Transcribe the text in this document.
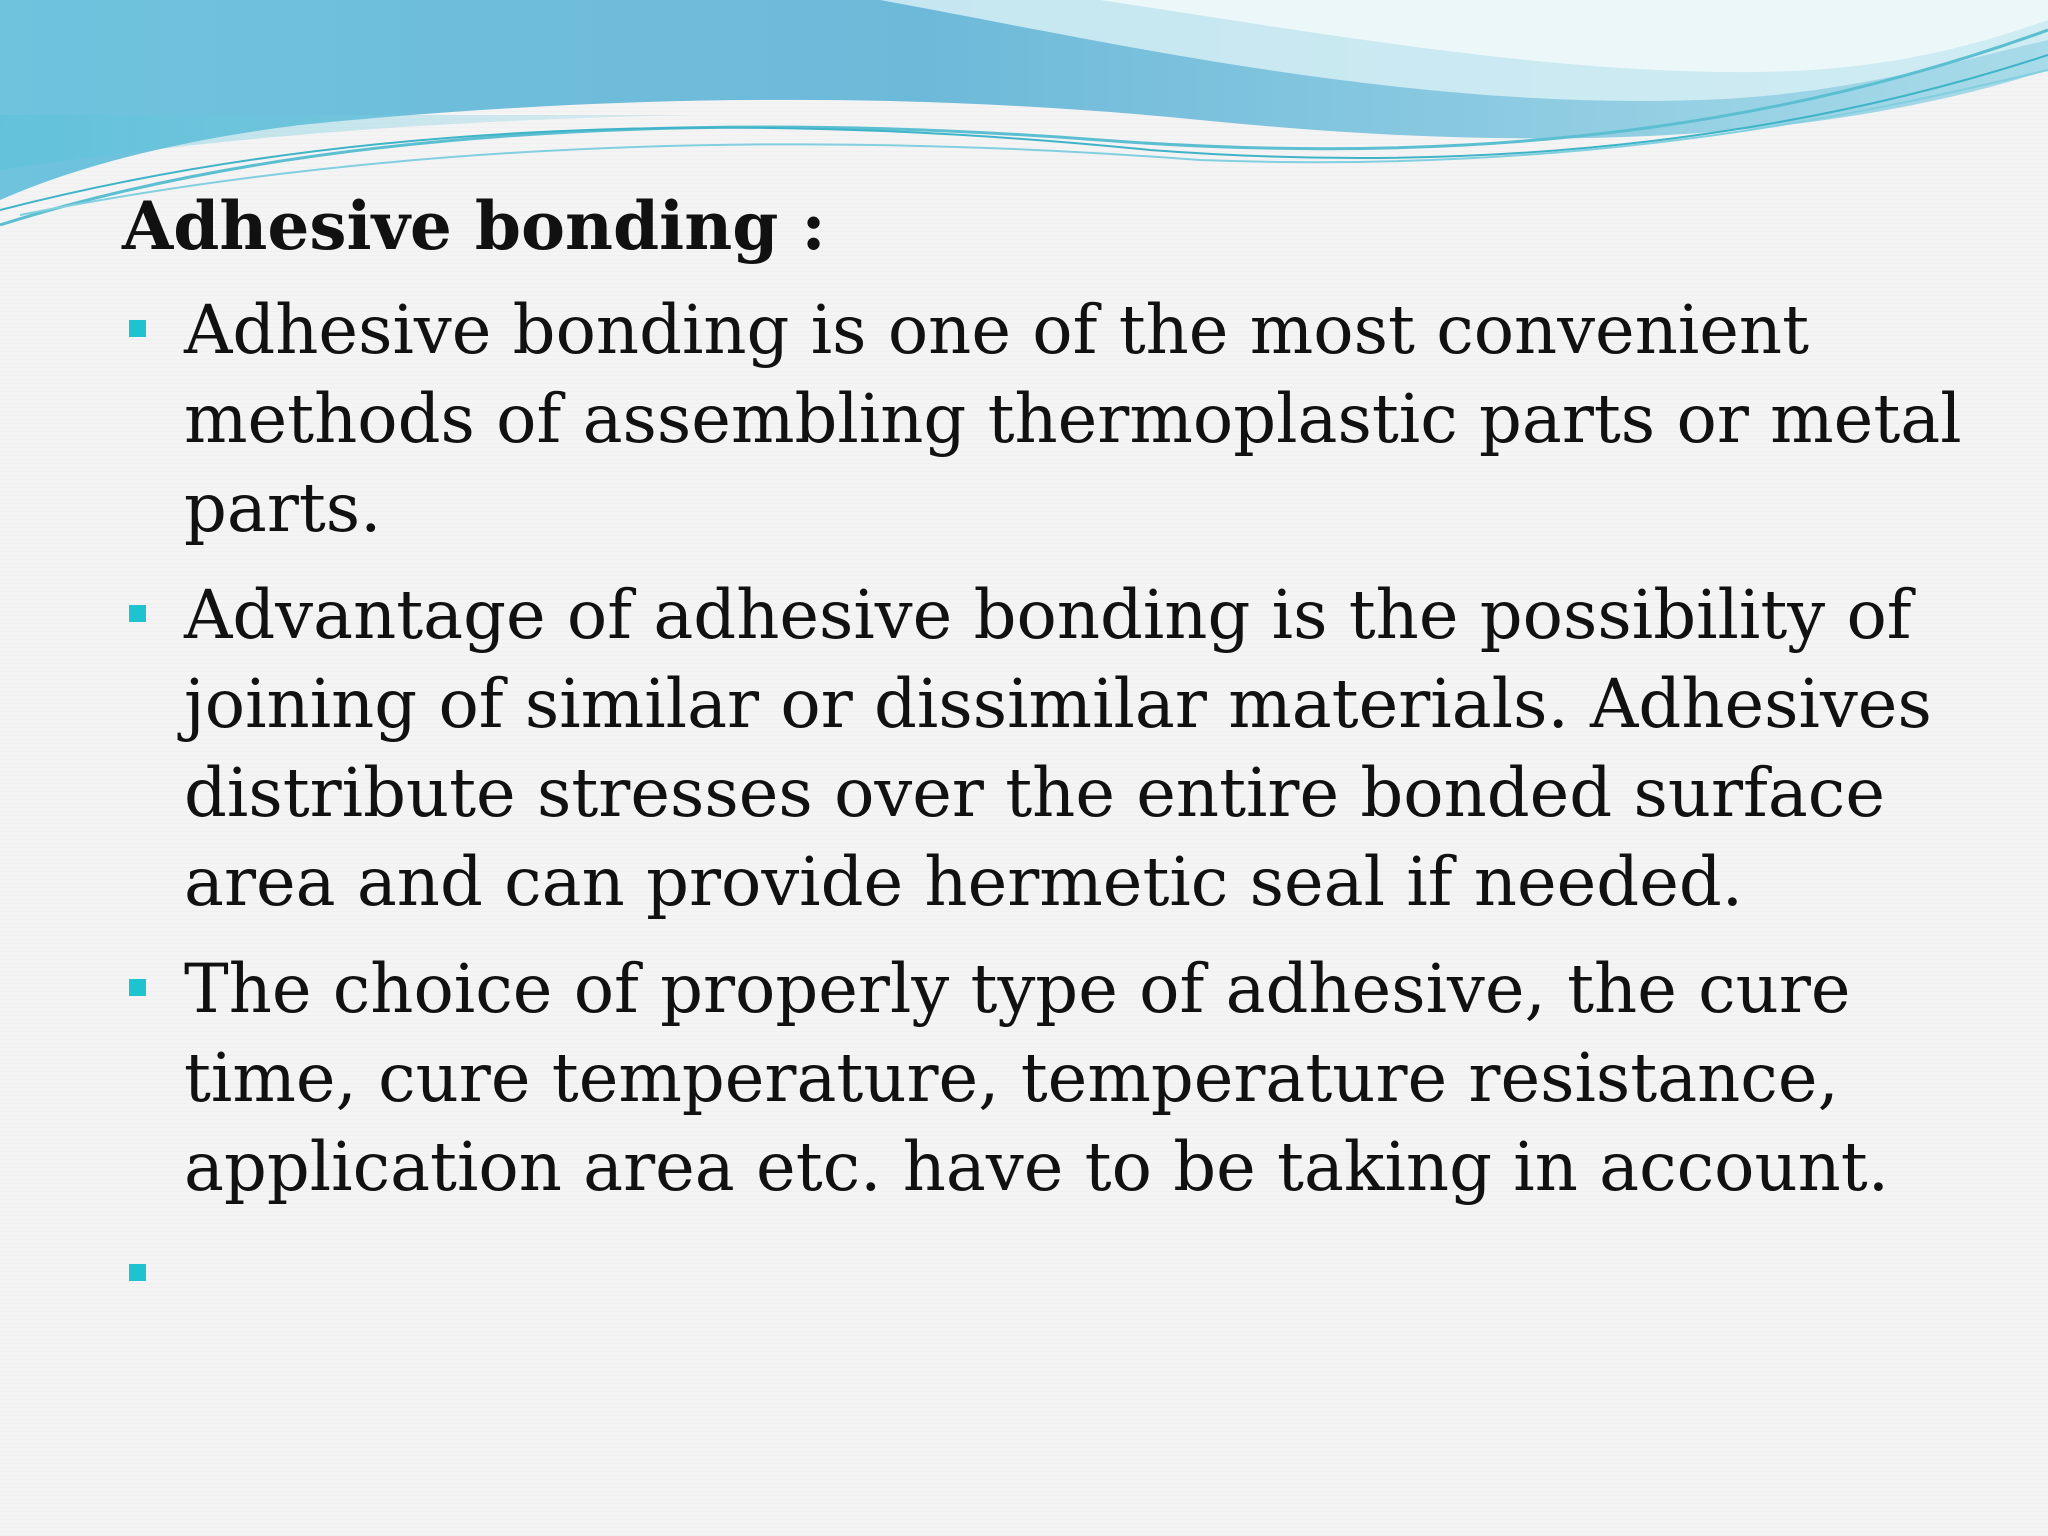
Adhesive bonding :
Adhesive bonding is one of the most convenient methods of assembling thermoplastic parts or metal parts.
Advantage of adhesive bonding is the possibility of joining of similar or dissimilar materials. Adhesives distribute stresses over the entire bonded surface area and can provide hermetic seal if needed.
The choice of properly type of adhesive, the cure time, cure temperature, temperature resistance, application area etc. have to be taking in account.
